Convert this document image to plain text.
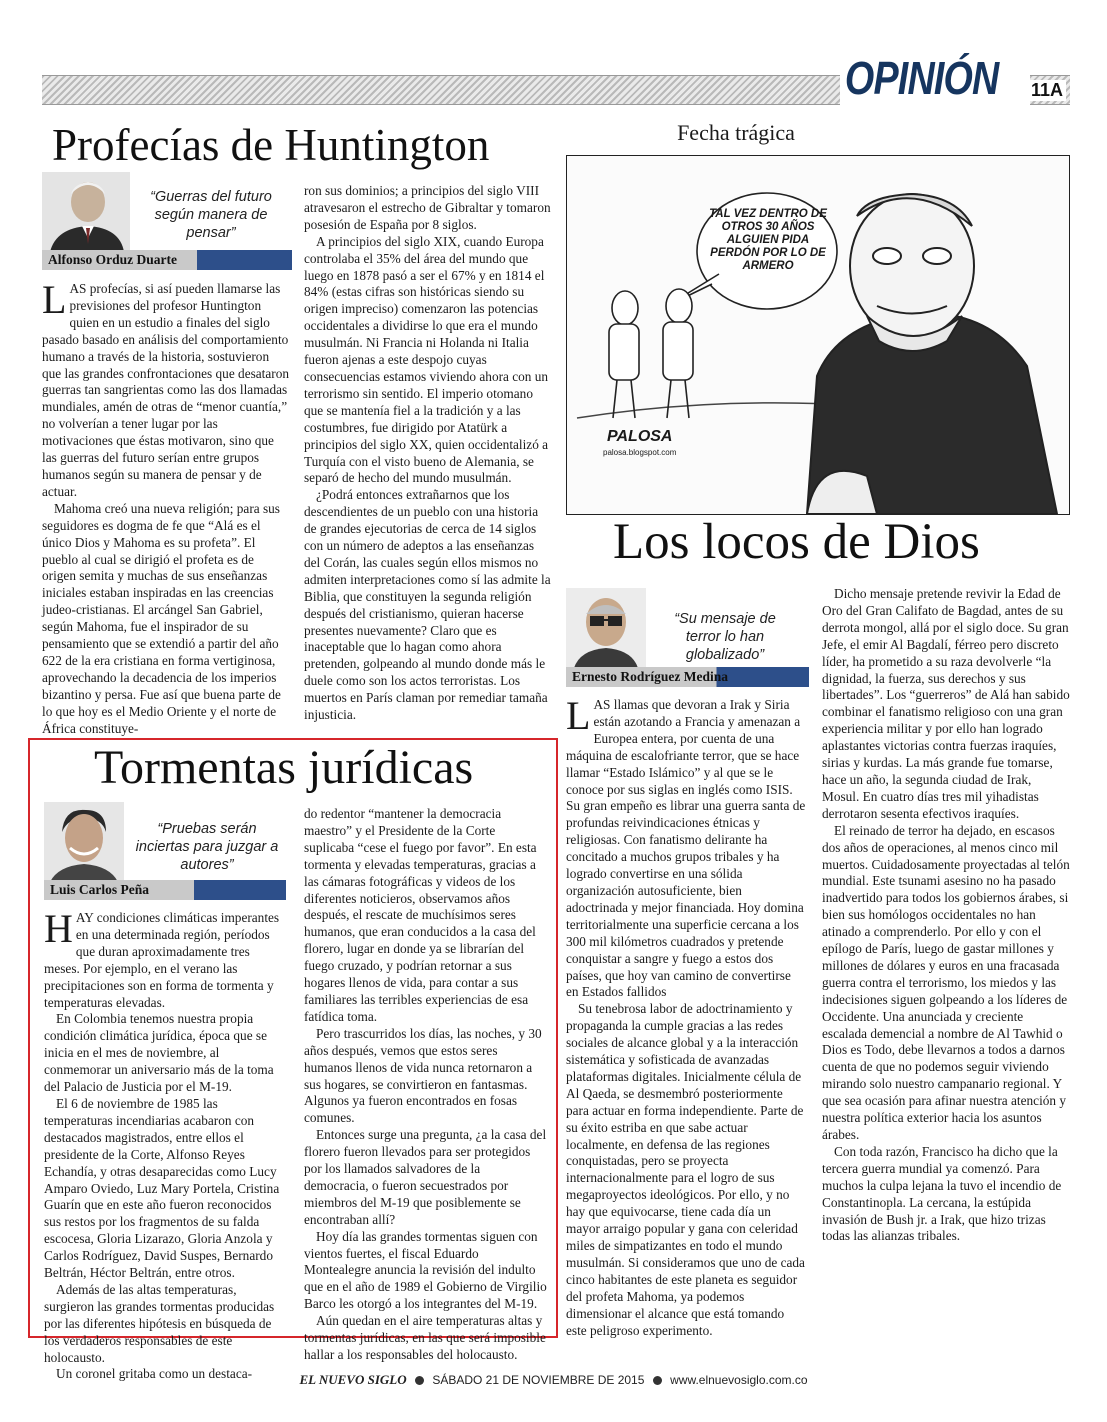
OPINIÓN 11A
Profecías de Huntington
“Guerras del futuro según manera de pensar”
Alfonso Orduz Duarte

LAS profecías, si así pueden llamarse las previsiones del profesor Huntington quien en un estudio a finales del siglo pasado basado en análisis del comportamiento humano a través de la historia, sostuvieron que las grandes confrontaciones que desataron guerras tan sangrientas como las dos llamadas mundiales, amén de otras de “menor cuantía,” no volverían a tener lugar por las motivaciones que éstas motivaron, sino que las guerras del futuro serían entre grupos humanos según su manera de pensar y de actuar.

Mahoma creó una nueva religión; para sus seguidores es dogma de fe que “Alá es el único Dios y Mahoma es su profeta”. El pueblo al cual se dirigió el profeta es de origen semita y muchas de sus enseñanzas iniciales estaban inspiradas en las creencias judeo-cristianas. El arcángel San Gabriel, según Mahoma, fue el inspirador de su pensamiento que se extendió a partir del año 622 de la era cristiana en forma vertiginosa, aprovechando la decadencia de los imperios bizantino y persa. Fue así que buena parte de lo que hoy es el Medio Oriente y el norte de África constituye-

ron sus dominios; a principios del siglo VIII atravesaron el estrecho de Gibraltar y tomaron posesión de España por 8 siglos.

A principios del siglo XIX, cuando Europa controlaba el 35% del área del mundo que luego en 1878 pasó a ser el 67% y en 1814 el 84% (estas cifras son históricas siendo su origen impreciso) comenzaron las potencias occidentales a dividirse lo que era el mundo musulmán. Ni Francia ni Holanda ni Italia fueron ajenas a este despojo cuyas consecuencias estamos viviendo ahora con un terrorismo sin sentido. El imperio otomano que se mantenía fiel a la tradición y a las costumbres, fue dirigido por Atatürk a principios del siglo XX, quien occidentalizó a Turquía con el visto bueno de Alemania, se separó de hecho del mundo musulmán.

¿Podrá entonces extrañarnos que los descendientes de un pueblo con una historia de grandes ejecutorias de cerca de 14 siglos con un número de adeptos a las enseñanzas del Corán, las cuales según ellos mismos no admiten interpretaciones como sí las admite la Biblia, que constituyen la segunda religión después del cristianismo, quieran hacerse presentes nuevamente? Claro que es inaceptable que lo hagan como ahora pretenden, golpeando al mundo donde más le duele como son los actos terroristas. Los muertos en París claman por remediar tamaña injusticia.

Fecha trágica
TAL VEZ DENTRO DE OTROS 30 AÑOS ALGUIEN PIDA PERDÓN POR LO DE ARMERO
PALOSA
palosa.blogspot.com
Los locos de Dios
“Su mensaje de terror lo han globalizado”
Ernesto Rodríguez Medina

LAS llamas que devoran a Irak y Siria están azotando a Francia y amenazan a Europea entera, por cuenta de una máquina de escalofriante terror, que se hace llamar “Estado Islámico” y al que se le conoce por sus siglas en inglés como ISIS. Su gran empeño es librar una guerra santa de profundas reivindicaciones étnicas y religiosas. Con fanatismo delirante ha concitado a muchos grupos tribales y ha logrado convertirse en una sólida organización autosuficiente, bien adoctrinada y mejor financiada. Hoy domina territorialmente una superficie cercana a los 300 mil kilómetros cuadrados y pretende conquistar a sangre y fuego a estos dos países, que hoy van camino de convertirse en Estados fallidos

Su tenebrosa labor de adoctrinamiento y propaganda la cumple gracias a las redes sociales de alcance global y a la interacción sistemática y sofisticada de avanzadas plataformas digitales. Inicialmente célula de Al Qaeda, se desmembró posteriormente para actuar en forma independiente. Parte de su éxito estriba en que sabe actuar localmente, en defensa de las regiones conquistadas, pero se proyecta internacionalmente para el logro de sus megaproyectos ideológicos. Por ello, y no hay que equivocarse, tiene cada día un mayor arraigo popular y gana con celeridad miles de simpatizantes en todo el mundo musulmán. Si consideramos que uno de cada cinco habitantes de este planeta es seguidor del profeta Mahoma, ya podemos dimensionar el alcance que está tomando este peligroso experimento.

Dicho mensaje pretende revivir la Edad de Oro del Gran Califato de Bagdad, antes de su derrota mongol, allá por el siglo doce. Su gran Jefe, el emir Al Bagdalí, férreo pero discreto líder, ha prometido a su raza devolverle “la dignidad, la fuerza, sus derechos y sus libertades”. Los “guerreros” de Alá han sabido combinar el fanatismo religioso con una gran experiencia militar y por ello han logrado aplastantes victorias contra fuerzas iraquíes, sirias y kurdas. La más grande fue tomarse, hace un año, la segunda ciudad de Irak, Mosul. En cuatro días tres mil yihadistas derrotaron sesenta efectivos iraquíes.

El reinado de terror ha dejado, en escasos dos años de operaciones, al menos cinco mil muertos. Cuidadosamente proyectadas al telón mundial. Este tsunami asesino no ha pasado inadvertido para todos los gobiernos árabes, si bien sus homólogos occidentales no han atinado a comprenderlo. Por ello y con el epílogo de París, luego de gastar millones y millones de dólares y euros en una fracasada guerra contra el terrorismo, los miedos y las indecisiones siguen golpeando a los líderes de Occidente. Una anunciada y creciente escalada demencial a nombre de Al Tawhid o Dios es Todo, debe llevarnos a todos a darnos cuenta de que no podemos seguir viviendo mirando solo nuestro campanario regional. Y que sea ocasión para afinar nuestra atención y nuestra política exterior hacia los asuntos árabes.

Con toda razón, Francisco ha dicho que la tercera guerra mundial ya comenzó. Para muchos la culpa lejana la tuvo el incendio de Constantinopla. La cercana, la estúpida invasión de Bush jr. a Irak, que hizo trizas todas las alianzas tribales.

Tormentas jurídicas
“Pruebas serán inciertas para juzgar a autores”
Luis Carlos Peña

HAY condiciones climáticas imperantes en una determinada región, períodos que duran aproximadamente tres meses. Por ejemplo, en el verano las precipitaciones son en forma de tormenta y temperaturas elevadas.

En Colombia tenemos nuestra propia condición climática jurídica, época que se inicia en el mes de noviembre, al conmemorar un aniversario más de la toma del Palacio de Justicia por el M-19.

El 6 de noviembre de 1985 las temperaturas incendiarias acabaron con destacados magistrados, entre ellos el presidente de la Corte, Alfonso Reyes Echandía, y otras desaparecidas como Lucy Amparo Oviedo, Luz Mary Portela, Cristina Guarín que en este año fueron reconocidos sus restos por los fragmentos de su falda escocesa, Gloria Lizarazo, Gloria Anzola y Carlos Rodríguez, David Suspes, Bernardo Beltrán, Héctor Beltrán, entre otros.

Además de las altas temperaturas, surgieron las grandes tormentas producidas por las diferentes hipótesis en búsqueda de los verdaderos responsables de este holocausto.

Un coronel gritaba como un destaca-

do redentor “mantener la democracia maestro” y el Presidente de la Corte suplicaba “cese el fuego por favor”. En esta tormenta y elevadas temperaturas, gracias a las cámaras fotográficas y videos de los diferentes noticieros, observamos años después, el rescate de muchísimos seres humanos, que eran conducidos a la casa del florero, lugar en donde ya se librarían del fuego cruzado, y podrían retornar a sus hogares llenos de vida, para contar a sus familiares las terribles experiencias de esa fatídica toma.

Pero trascurridos los días, las noches, y 30 años después, vemos que estos seres humanos llenos de vida nunca retornaron a sus hogares, se convirtieron en fantasmas. Algunos ya fueron encontrados en fosas comunes.

Entonces surge una pregunta, ¿a la casa del florero fueron llevados para ser protegidos por los llamados salvadores de la democracia, o fueron secuestrados por miembros del M-19 que posiblemente se encontraban allí?

Hoy día las grandes tormentas siguen con vientos fuertes, el fiscal Eduardo Montealegre anuncia la revisión del indulto que en el año de 1989 el Gobierno de Virgilio Barco les otorgó a los integrantes del M-19.

Aún quedan en el aire temperaturas altas y tormentas jurídicas, en las que será imposible hallar a los responsables del holocausto.

EL NUEVO SIGLO SÁBADO 21 DE NOVIEMBRE DE 2015 www.elnuevosiglo.com.co
